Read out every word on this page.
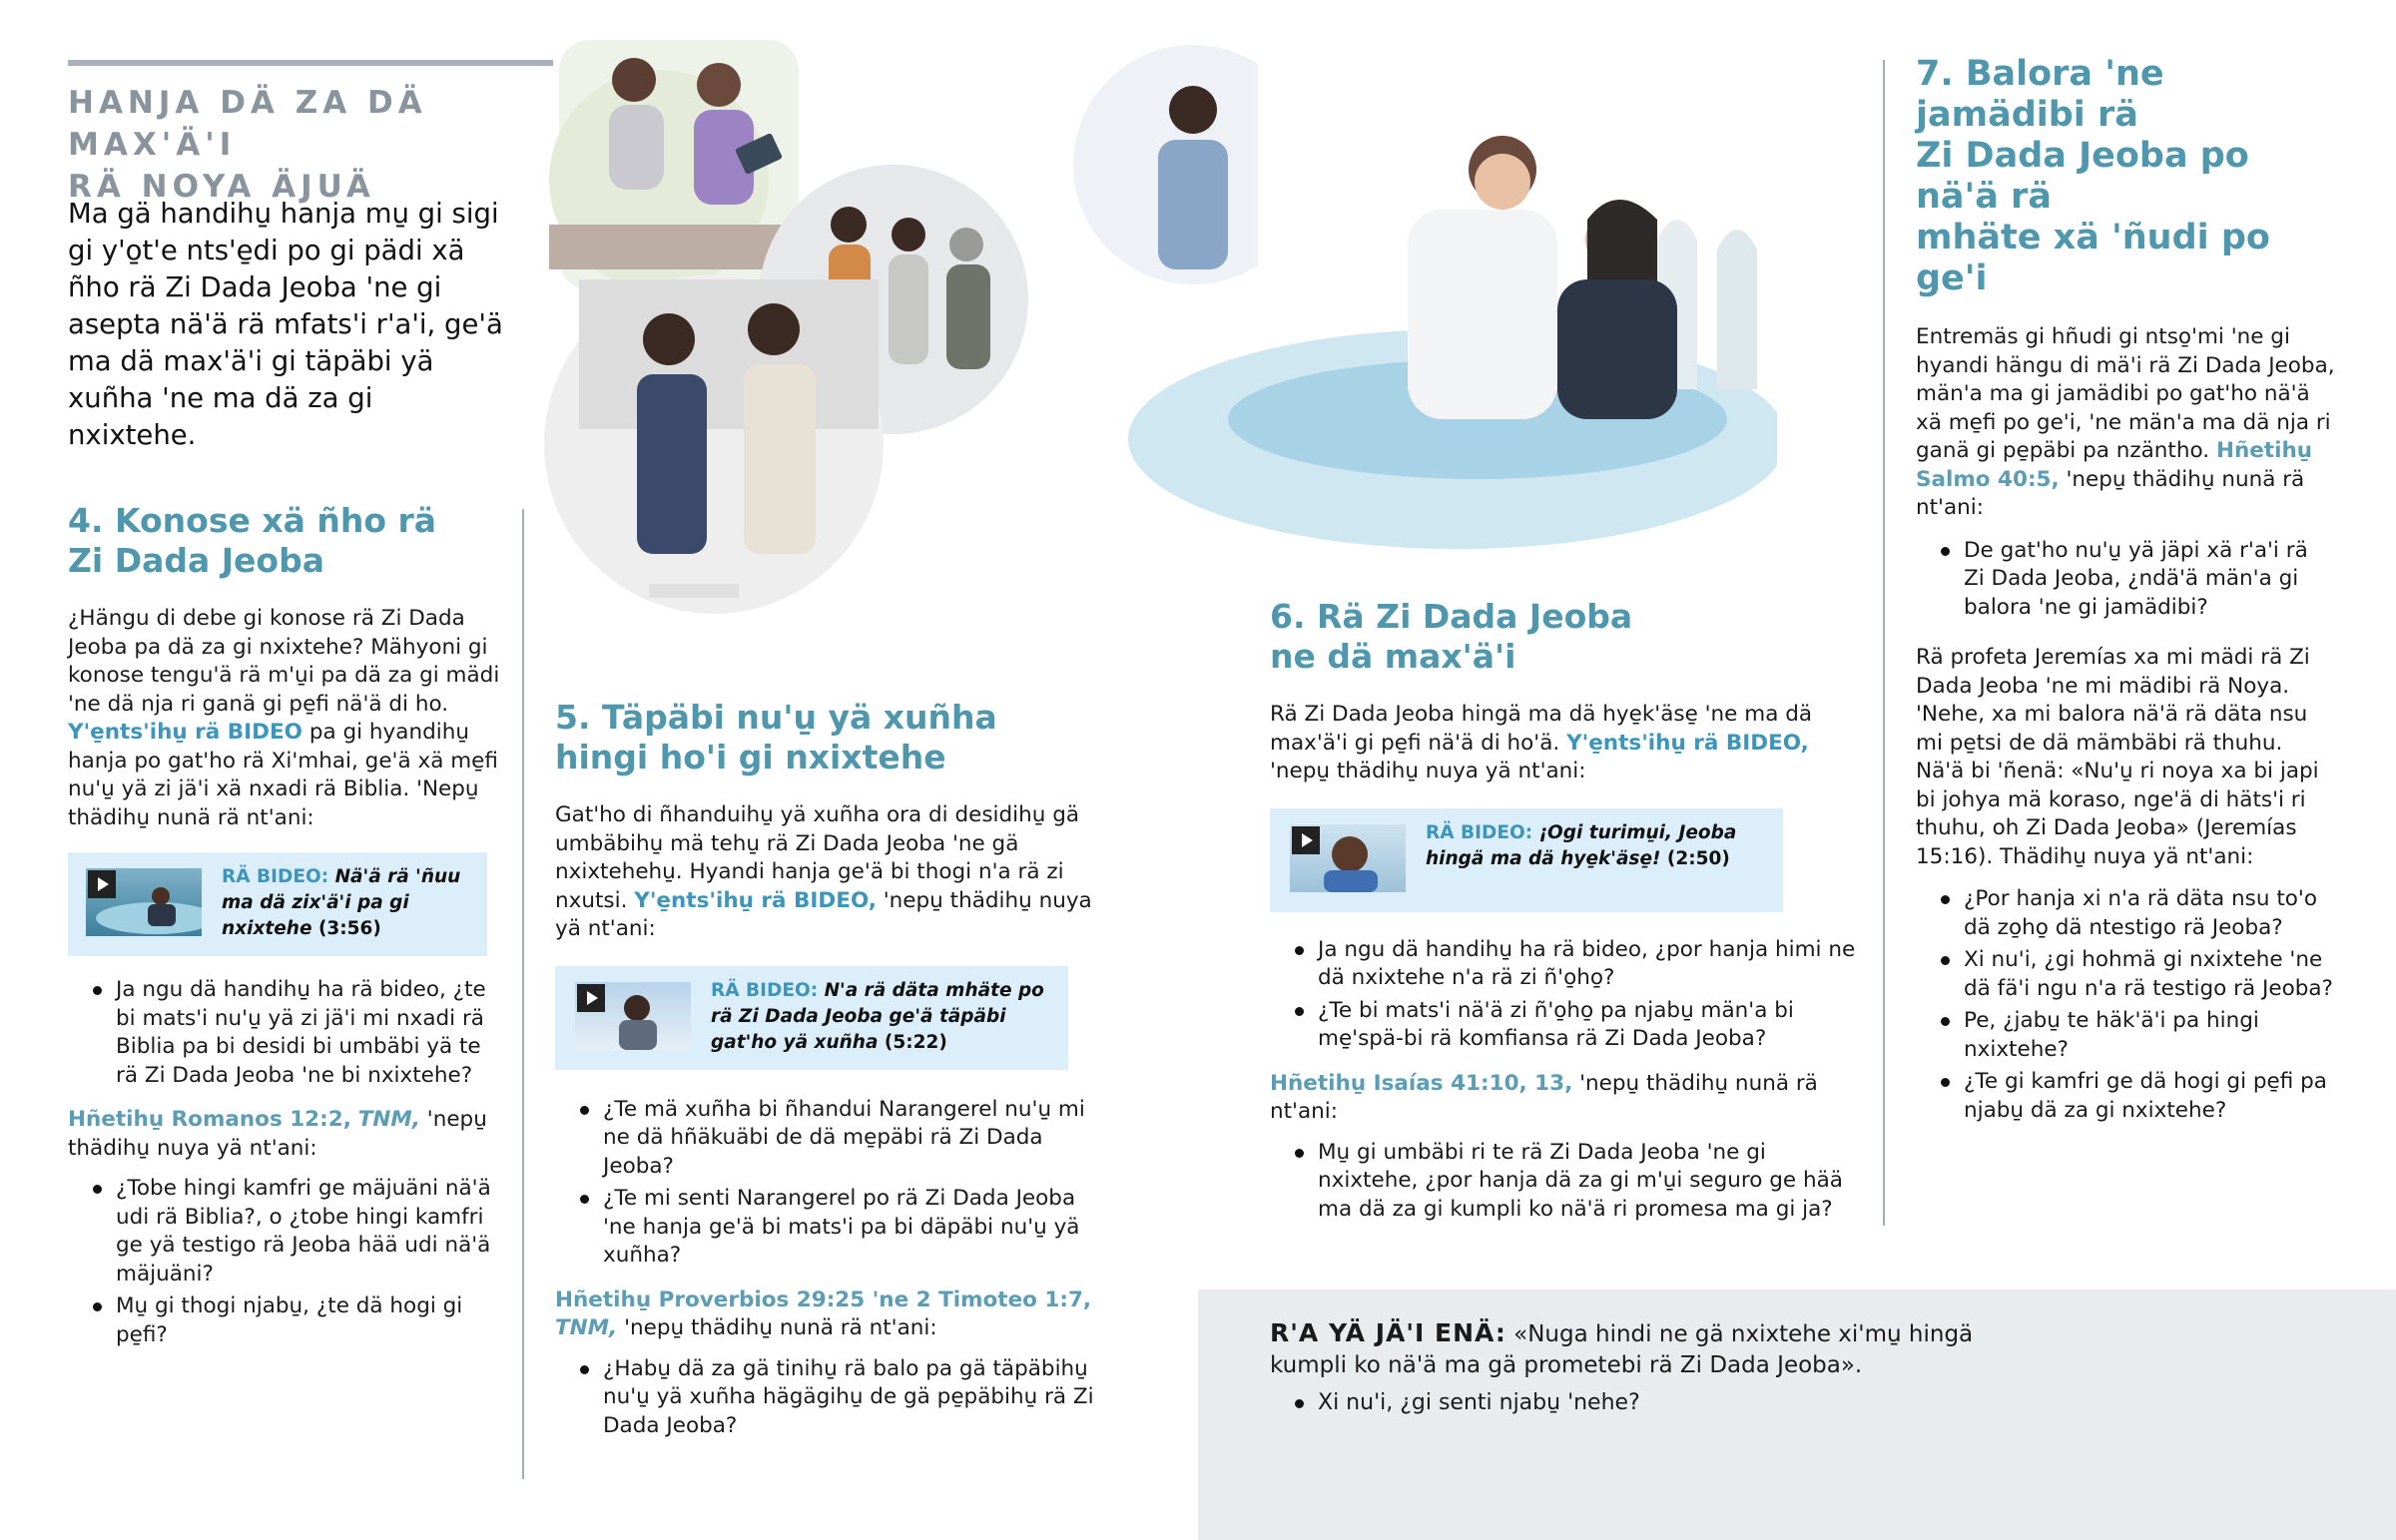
HANJA DÄ ZA DÄ MAX'Ä'I
RÄ NOYA ÄJUÄ
Ma gä handihu̱ hanja mu̱ gi sigi gi y'o̱t'e nts'e̱di po gi pädi xä ñho rä Zi Dada Jeoba 'ne gi asepta nä'ä rä mfats'i r'a'i, ge'ä ma dä max'ä'i gi täpäbi yä xuñha 'ne ma dä za gi nxixtehe.
4. Konose xä ñho rä
Zi Dada Jeoba
¿Hängu di debe gi konose rä Zi Dada Jeoba pa dä za gi nxixtehe? Mähyoni gi konose tengu'ä rä m'u̱i pa dä za gi mädi 'ne dä nja ri ganä gi pe̱fi nä'ä di ho. Y'e̱nts'ihu̱ rä BIDEO pa gi hyandihu̱ hanja po gat'ho rä Xi'mhai, ge'ä xä me̱fi nu'u̱ yä zi jä'i xä nxadi rä Biblia. 'Nepu̱ thädihu̱ nunä rä nt'ani:
RÄ BIDEO: Nä'ä rä 'ñuu ma dä zix'ä'i pa gi nxixtehe (3:56)
Ja ngu dä handihu̱ ha rä bideo, ¿te bi mats'i nu'u̱ yä zi jä'i mi nxadi rä Biblia pa bi desidi bi umbäbi yä te rä Zi Dada Jeoba 'ne bi nxixtehe?
Hñetihu̱ Romanos 12:2, TNM, 'nepu̱ thädihu̱ nuya yä nt'ani:
¿Tobe hingi kamfri ge mäjuäni nä'ä udi rä Biblia?, o ¿tobe hingi kamfri ge yä testigo rä Jeoba hää udi nä'ä mäjuäni?
Mu̱ gi thogi njabu̱, ¿te dä hogi gi pe̱fi?
5. Täpäbi nu'u̱ yä xuñha
hingi ho'i gi nxixtehe
Gat'ho di ñhanduihu̱ yä xuñha ora di desidihu̱ gä umbäbihu̱ mä tehu̱ rä Zi Dada Jeoba 'ne gä nxixtehehu̱. Hyandi hanja ge'ä bi thogi n'a rä zi nxutsi. Y'e̱nts'ihu̱ rä BIDEO, 'nepu̱ thädihu̱ nuya yä nt'ani:
RÄ BIDEO: N'a rä däta mhäte po rä Zi Dada Jeoba ge'ä täpäbi gat'ho yä xuñha (5:22)
¿Te mä xuñha bi ñhandui Narangerel nu'u̱ mi ne dä hñäkuäbi de dä me̱päbi rä Zi Dada Jeoba?
¿Te mi senti Narangerel po rä Zi Dada Jeoba 'ne hanja ge'ä bi mats'i pa bi däpäbi nu'u̱ yä xuñha?
Hñetihu̱ Proverbios 29:25 'ne 2 Timoteo 1:7, TNM, 'nepu̱ thädihu̱ nunä rä nt'ani:
¿Habu̱ dä za gä tinihu̱ rä balo pa gä täpäbihu̱ nu'u̱ yä xuñha hägägihu̱ de gä pe̱päbihu̱ rä Zi Dada Jeoba?
6. Rä Zi Dada Jeoba
ne dä max'ä'i
Rä Zi Dada Jeoba hingä ma dä hye̱k'äse̱ 'ne ma dä max'ä'i gi pe̱fi nä'ä di ho'ä. Y'e̱nts'ihu̱ rä BIDEO, 'nepu̱ thädihu̱ nuya yä nt'ani:
RÄ BIDEO: ¡Ogi turimu̱i, Jeoba hingä ma dä hye̱k'äse̱! (2:50)
Ja ngu dä handihu̱ ha rä bideo, ¿por hanja himi ne dä nxixtehe n'a rä zi ñ'o̱ho̱?
¿Te bi mats'i nä'ä zi ñ'o̱ho̱ pa njabu̱ män'a bi me̱'spä-bi rä komfiansa rä Zi Dada Jeoba?
Hñetihu̱ Isaías 41:10, 13, 'nepu̱ thädihu̱ nunä rä nt'ani:
Mu̱ gi umbäbi ri te rä Zi Dada Jeoba 'ne gi nxixtehe, ¿por hanja dä za gi m'u̱i seguro ge hää ma dä za gi kumpli ko nä'ä ri promesa ma gi ja?
7. Balora 'ne jamädibi rä
Zi Dada Jeoba po nä'ä rä
mhäte xä 'ñudi po ge'i
Entremäs gi hñudi gi ntso̱'mi 'ne gi hyandi hängu di mä'i rä Zi Dada Jeoba, män'a ma gi jamädibi po gat'ho nä'ä xä me̱fi po ge'i, 'ne män'a ma dä nja ri ganä gi pe̱päbi pa nzäntho. Hñetihu̱ Salmo 40:5, 'nepu̱ thädihu̱ nunä rä nt'ani:
De gat'ho nu'u̱ yä jäpi xä r'a'i rä Zi Dada Jeoba, ¿ndä'ä män'a gi balora 'ne gi jamädibi?
Rä profeta Jeremías xa mi mädi rä Zi Dada Jeoba 'ne mi mädibi rä Noya. 'Nehe, xa mi balora nä'ä rä däta nsu mi pe̱tsi de dä mämbäbi rä thuhu. Nä'ä bi 'ñenä: «Nu'u̱ ri noya xa bi japi bi johya mä koraso, nge'ä di häts'i ri thuhu, oh Zi Dada Jeoba» (Jeremías 15:16). Thädihu̱ nuya yä nt'ani:
¿Por hanja xi n'a rä däta nsu to'o dä zo̱ho̱ dä ntestigo rä Jeoba?
Xi nu'i, ¿gi hohmä gi nxixtehe 'ne dä fä'i ngu n'a rä testigo rä Jeoba?
Pe, ¿jabu̱ te häk'ä'i pa hingi nxixtehe?
¿Te gi kamfri ge dä hogi gi pe̱fi pa njabu̱ dä za gi nxixtehe?
R'A YÄ JÄ'I ENÄ: «Nuga hindi ne gä nxixtehe xi'mu̱ hingä kumpli ko nä'ä ma gä prometebi rä Zi Dada Jeoba».
Xi nu'i, ¿gi senti njabu̱ 'nehe?
